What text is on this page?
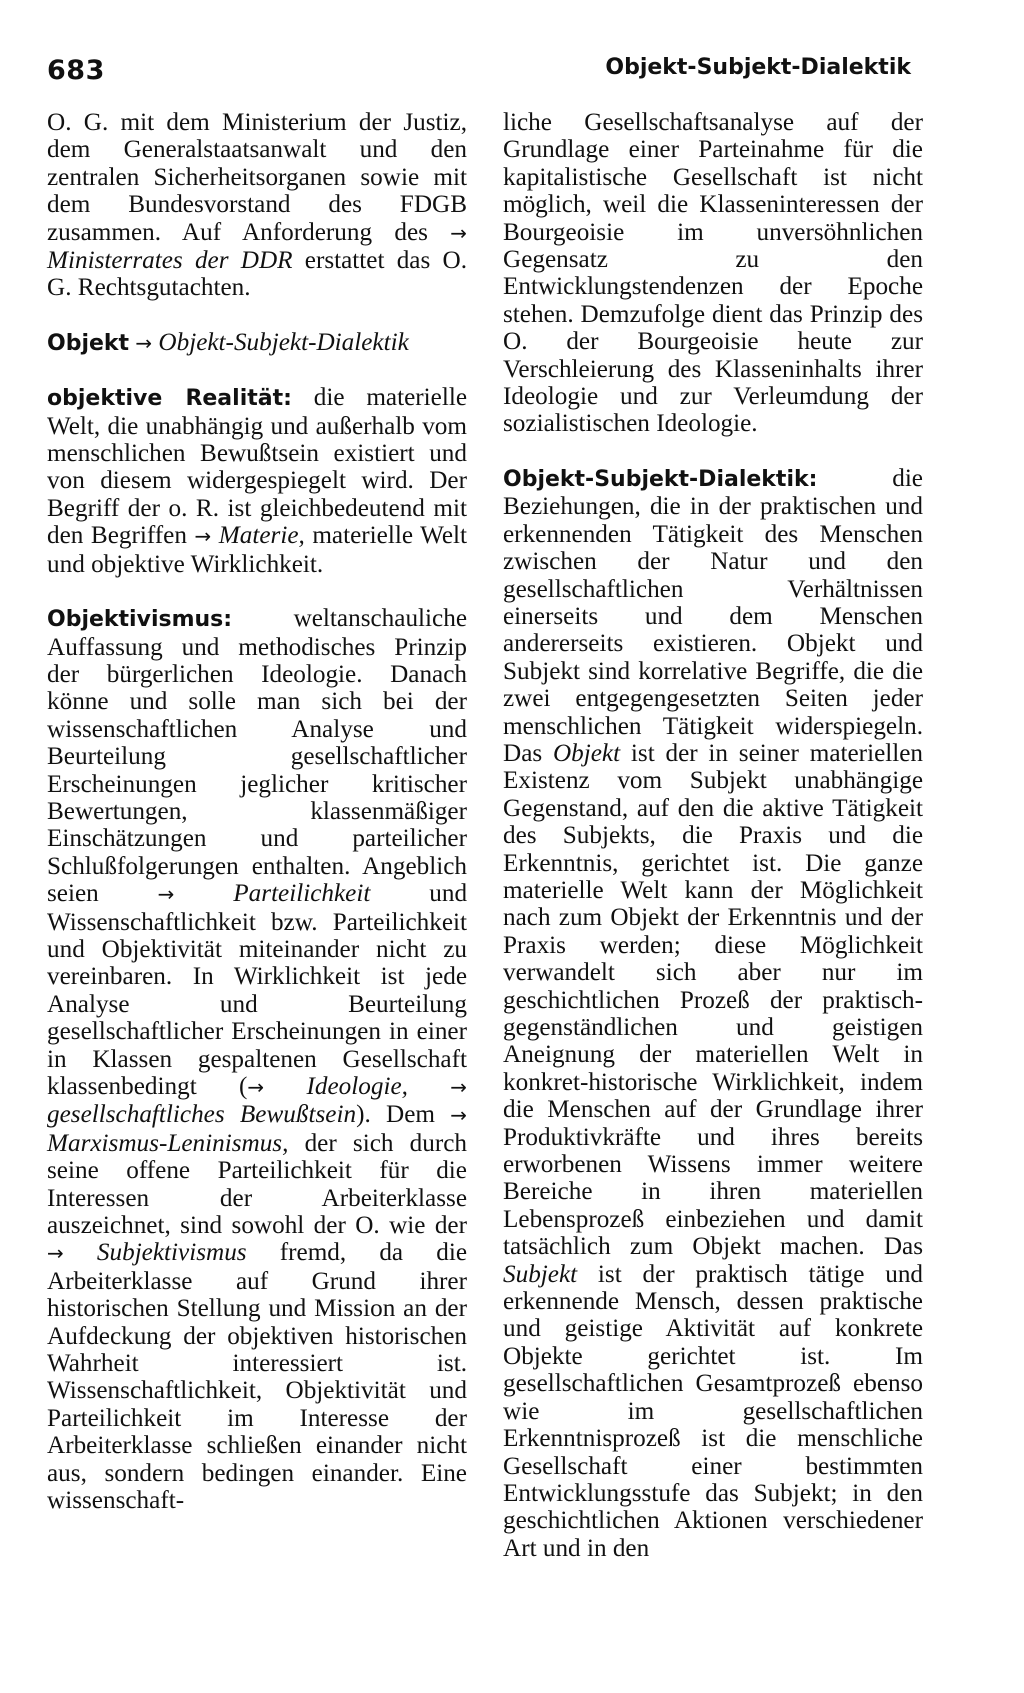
683	Objekt-Subjekt-Dialektik

O. G. mit dem Ministerium der Justiz, dem Generalstaatsanwalt und den zentralen Sicherheitsorganen sowie mit dem Bundesvorstand des FDGB zusammen. Auf Anforderung des → Ministerrates der DDR erstattet das O. G. Rechtsgutachten.

Objekt → Objekt-Subjekt-Dialektik

objektive Realität: die materielle Welt, die unabhängig und außerhalb vom menschlichen Bewußtsein existiert und von diesem widergespiegelt wird. Der Begriff der o. R. ist gleichbedeutend mit den Begriffen → Materie, materielle Welt und objektive Wirklichkeit.

Objektivismus: weltanschauliche Auffassung und methodisches Prinzip der bürgerlichen Ideologie. Danach könne und solle man sich bei der wissenschaftlichen Analyse und Beurteilung gesellschaftlicher Erscheinungen jeglicher kritischer Bewertungen, klassenmäßiger Einschätzungen und parteilicher Schlußfolgerungen enthalten. Angeblich seien	→ Parteilichkeit und Wissenschaftlichkeit bzw. Parteilichkeit und Objektivität miteinander nicht zu vereinbaren. In Wirklichkeit ist jede Analyse und Beurteilung gesellschaftlicher Erscheinungen in einer in Klassen gespaltenen Gesellschaft klassenbedingt (→ Ideologie, → gesellschaftliches Bewußtsein). Dem → Marxismus-Leninismus, der sich durch seine offene Parteilichkeit für die Interessen der Arbeiterklasse auszeichnet, sind sowohl der O. wie der → Subjektivismus fremd, da die Arbeiterklasse auf Grund ihrer historischen Stellung und Mission an der Aufdeckung der objektiven historischen Wahrheit interessiert ist. Wissenschaftlichkeit, Objektivität und Parteilichkeit im Interesse der Arbeiterklasse schließen einander nicht aus, sondern bedingen einander. Eine wissenschaft-

liche Gesellschaftsanalyse auf der Grundlage einer Parteinahme für die kapitalistische Gesellschaft ist nicht möglich, weil die Klasseninteressen der Bourgeoisie im unversöhnlichen Gegensatz zu den Entwicklungstendenzen der Epoche stehen. Demzufolge dient das Prinzip des O. der Bourgeoisie heute zur Verschleierung des Klasseninhalts ihrer Ideologie und zur Verleumdung der sozialistischen Ideologie.

Objekt-Subjekt-Dialektik:	die Beziehungen, die in der praktischen und erkennenden Tätigkeit des Menschen zwischen der Natur und den gesellschaftlichen Verhältnissen einerseits und dem Menschen andererseits existieren. Objekt und Subjekt sind korrelative Begriffe, die die zwei entgegengesetzten Seiten jeder menschlichen Tätigkeit widerspiegeln. Das Objekt ist der in seiner materiellen Existenz vom Subjekt unabhängige Gegenstand, auf den die aktive Tätigkeit des Subjekts, die Praxis und die Erkenntnis, gerichtet ist. Die ganze materielle Welt kann der Möglichkeit nach zum Objekt der Erkenntnis und der Praxis werden; diese Möglichkeit verwandelt sich aber nur im geschichtlichen Prozeß der praktisch-gegenständlichen und geistigen Aneignung der materiellen Welt in konkret-historische Wirklichkeit, indem die Menschen auf der Grundlage ihrer Produktivkräfte und ihres bereits erworbenen Wissens immer weitere Bereiche in ihren materiellen Lebensprozeß einbeziehen und damit tatsächlich zum Objekt machen. Das Subjekt ist der praktisch tätige und erkennende Mensch, dessen praktische und geistige Aktivität auf konkrete Objekte gerichtet ist. Im gesellschaftlichen Gesamtprozeß ebenso wie im gesellschaftlichen Erkenntnisprozeß ist die menschliche Gesellschaft einer bestimmten Entwicklungsstufe das Subjekt; in den geschichtlichen Aktionen verschiedener Art und in den
